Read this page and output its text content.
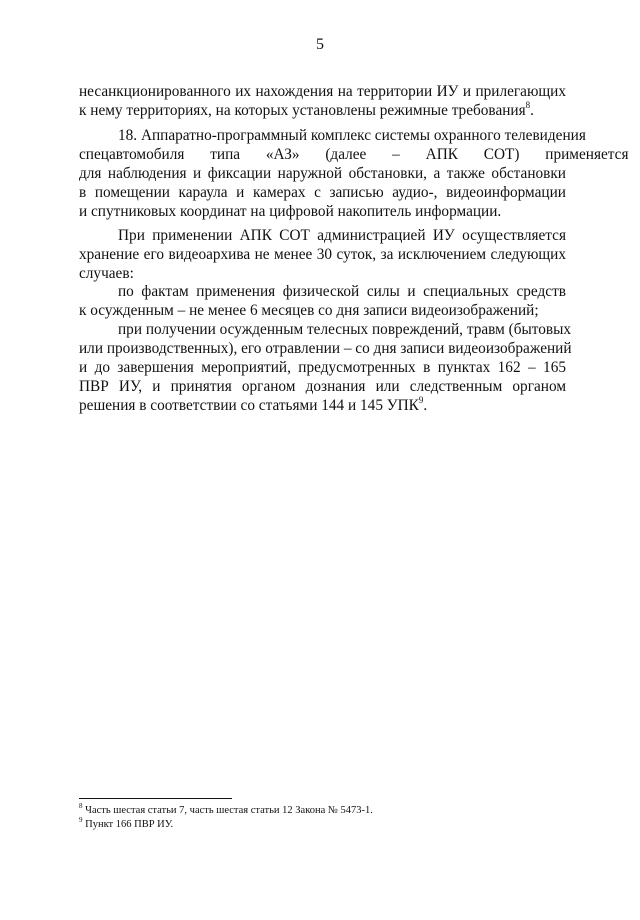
5
несанкционированного их нахождения на территории ИУ и прилегающих
к нему территориях, на которых установлены режимные требования$^8$.
18. Аппаратно-программный комплекс системы охранного телевидения
спецавтомобиля типа «АЗ» (далее – АПК СОТ) применяется
для наблюдения и фиксации наружной обстановки, а также обстановки
в помещении караула и камерах с записью аудио-, видеоинформации
и спутниковых координат на цифровой накопитель информации.
При применении АПК СОТ администрацией ИУ осуществляется
хранение его видеоархива не менее 30 суток, за исключением следующих
случаев:
по фактам применения физической силы и специальных средств
к осужденным – не менее 6 месяцев со дня записи видеоизображений;
при получении осужденным телесных повреждений, травм (бытовых
или производственных), его отравлении – со дня записи видеоизображений
и до завершения мероприятий, предусмотренных в пунктах 162 – 165
ПВР ИУ, и принятия органом дознания или следственным органом
решения в соответствии со статьями 144 и 145 УПК$^9$.
$^8$ Часть шестая статьи 7, часть шестая статьи 12 Закона № 5473-1.
$^9$ Пункт 166 ПВР ИУ.
